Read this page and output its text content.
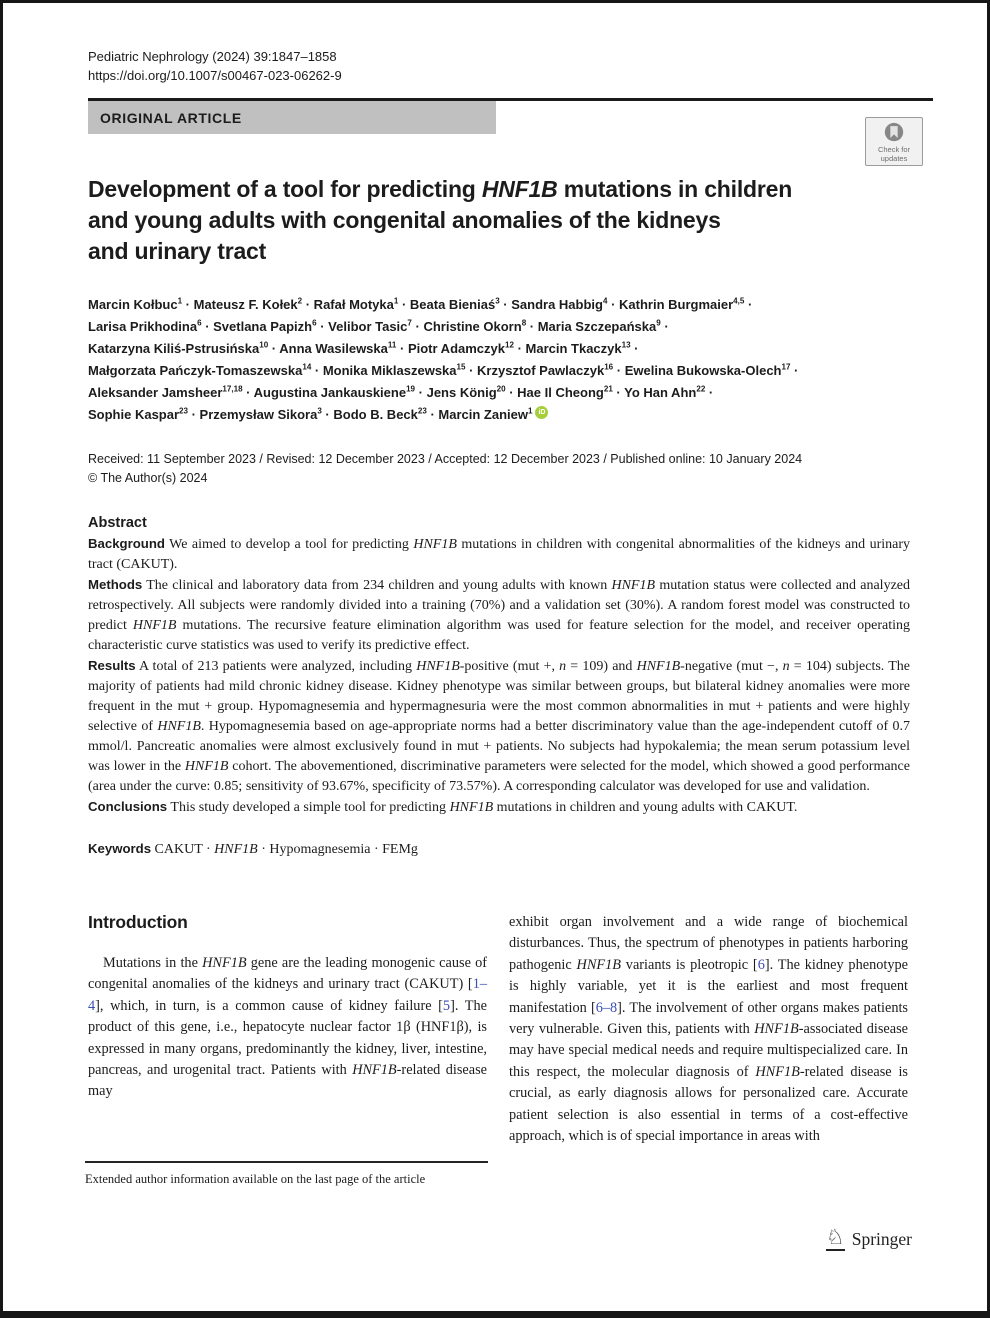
Pediatric Nephrology (2024) 39:1847–1858
https://doi.org/10.1007/s00467-023-06262-9
ORIGINAL ARTICLE
Check for
updates
Development of a tool for predicting HNF1B mutations in children
and young adults with congenital anomalies of the kidneys
and urinary tract
Marcin Kołbuc$^1$ · Mateusz F. Kołek$^2$ · Rafał Motyka$^1$ · Beata Bieniaś$^3$ · Sandra Habbig$^4$ · Kathrin Burgmaier$^{4,5}$ ·
Larisa Prikhodina$^6$ · Svetlana Papizh$^6$ · Velibor Tasic$^7$ · Christine Okorn$^8$ · Maria Szczepańska$^9$ ·
Katarzyna Kiliś-Pstrusińska$^{10}$ · Anna Wasilewska$^{11}$ · Piotr Adamczyk$^{12}$ · Marcin Tkaczyk$^{13}$ ·
Małgorzata Pańczyk-Tomaszewska$^{14}$ · Monika Miklaszewska$^{15}$ · Krzysztof Pawlaczyk$^{16}$ · Ewelina Bukowska-Olech$^{17}$ ·
Aleksander Jamsheer$^{17,18}$ · Augustina Jankauskiene$^{19}$ · Jens König$^{20}$ · Hae Il Cheong$^{21}$ · Yo Han Ahn$^{22}$ ·
Sophie Kaspar$^{23}$ · Przemysław Sikora$^3$ · Bodo B. Beck$^{23}$ · Marcin Zaniew$^1$ iD
Received: 11 September 2023 / Revised: 12 December 2023 / Accepted: 12 December 2023 / Published online: 10 January 2024
© The Author(s) 2024
Abstract

Background We aimed to develop a tool for predicting HNF1B mutations in children with congenital abnormalities of the kidneys and urinary tract (CAKUT).

Methods The clinical and laboratory data from 234 children and young adults with known HNF1B mutation status were collected and analyzed retrospectively. All subjects were randomly divided into a training (70%) and a validation set (30%). A random forest model was constructed to predict HNF1B mutations. The recursive feature elimination algorithm was used for feature selection for the model, and receiver operating characteristic curve statistics was used to verify its predictive effect.

Results A total of 213 patients were analyzed, including HNF1B-positive (mut +, n = 109) and HNF1B-negative (mut −, n = 104) subjects. The majority of patients had mild chronic kidney disease. Kidney phenotype was similar between groups, but bilateral kidney anomalies were more frequent in the mut + group. Hypomagnesemia and hypermagnesuria were the most common abnormalities in mut + patients and were highly selective of HNF1B. Hypomagnesemia based on age-appropriate norms had a better discriminatory value than the age-independent cutoff of 0.7 mmol/l. Pancreatic anomalies were almost exclusively found in mut + patients. No subjects had hypokalemia; the mean serum potassium level was lower in the HNF1B cohort. The abovementioned, discriminative parameters were selected for the model, which showed a good performance (area under the curve: 0.85; sensitivity of 93.67%, specificity of 73.57%). A corresponding calculator was developed for use and validation.

Conclusions This study developed a simple tool for predicting HNF1B mutations in children and young adults with CAKUT.

Keywords CAKUT · HNF1B · Hypomagnesemia · FEMg

Introduction

Mutations in the HNF1B gene are the leading monogenic cause of congenital anomalies of the kidneys and urinary tract (CAKUT) [1–4], which, in turn, is a common cause of kidney failure [5]. The product of this gene, i.e., hepatocyte nuclear factor 1β (HNF1β), is expressed in many organs, predominantly the kidney, liver, intestine, pancreas, and urogenital tract. Patients with HNF1B-related disease may

exhibit organ involvement and a wide range of biochemical disturbances. Thus, the spectrum of phenotypes in patients harboring pathogenic HNF1B variants is pleotropic [6]. The kidney phenotype is highly variable, yet it is the earliest and most frequent manifestation [6–8]. The involvement of other organs makes patients very vulnerable. Given this, patients with HNF1B-associated disease may have special medical needs and require multispecialized care. In this respect, the molecular diagnosis of HNF1B-related disease is crucial, as early diagnosis allows for personalized care. Accurate patient selection is also essential in terms of a cost-effective approach, which is of special importance in areas with

Extended author information available on the last page of the article
♘ Springer
